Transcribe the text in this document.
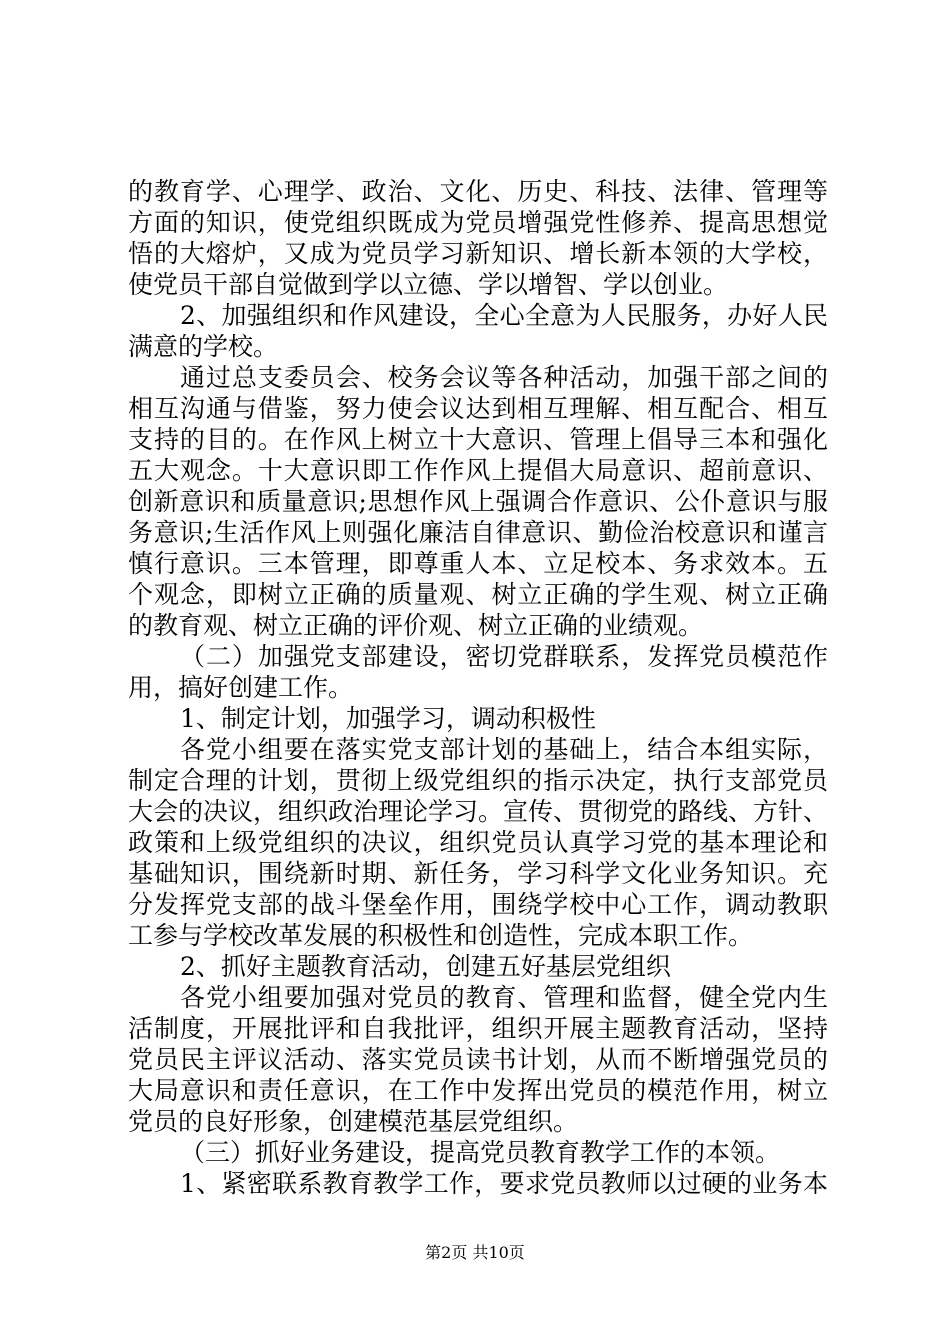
的教育学、心理学、政治、文化、历史、科技、法律、管理等
方面的知识，使党组织既成为党员增强党性修养、提高思想觉
悟的大熔炉，又成为党员学习新知识、增长新本领的大学校，
使党员干部自觉做到学以立德、学以增智、学以创业。
2、加强组织和作风建设，全心全意为人民服务，办好人民
满意的学校。
通过总支委员会、校务会议等各种活动，加强干部之间的
相互沟通与借鉴，努力使会议达到相互理解、相互配合、相互
支持的目的。在作风上树立十大意识、管理上倡导三本和强化
五大观念。十大意识即工作作风上提倡大局意识、超前意识、
创新意识和质量意识;思想作风上强调合作意识、公仆意识与服
务意识;生活作风上则强化廉洁自律意识、勤俭治校意识和谨言
慎行意识。三本管理，即尊重人本、立足校本、务求效本。五
个观念，即树立正确的质量观、树立正确的学生观、树立正确
的教育观、树立正确的评价观、树立正确的业绩观。
（二）加强党支部建设，密切党群联系，发挥党员模范作
用，搞好创建工作。
1、制定计划，加强学习，调动积极性
各党小组要在落实党支部计划的基础上，结合本组实际，
制定合理的计划，贯彻上级党组织的指示决定，执行支部党员
大会的决议，组织政治理论学习。宣传、贯彻党的路线、方针、
政策和上级党组织的决议，组织党员认真学习党的基本理论和
基础知识，围绕新时期、新任务，学习科学文化业务知识。充
分发挥党支部的战斗堡垒作用，围绕学校中心工作，调动教职
工参与学校改革发展的积极性和创造性，完成本职工作。
2、抓好主题教育活动，创建五好基层党组织
各党小组要加强对党员的教育、管理和监督，健全党内生
活制度，开展批评和自我批评，组织开展主题教育活动，坚持
党员民主评议活动、落实党员读书计划，从而不断增强党员的
大局意识和责任意识，在工作中发挥出党员的模范作用，树立
党员的良好形象，创建模范基层党组织。
（三）抓好业务建设，提高党员教育教学工作的本领。
1、紧密联系教育教学工作，要求党员教师以过硬的业务本
第2页 共10页
